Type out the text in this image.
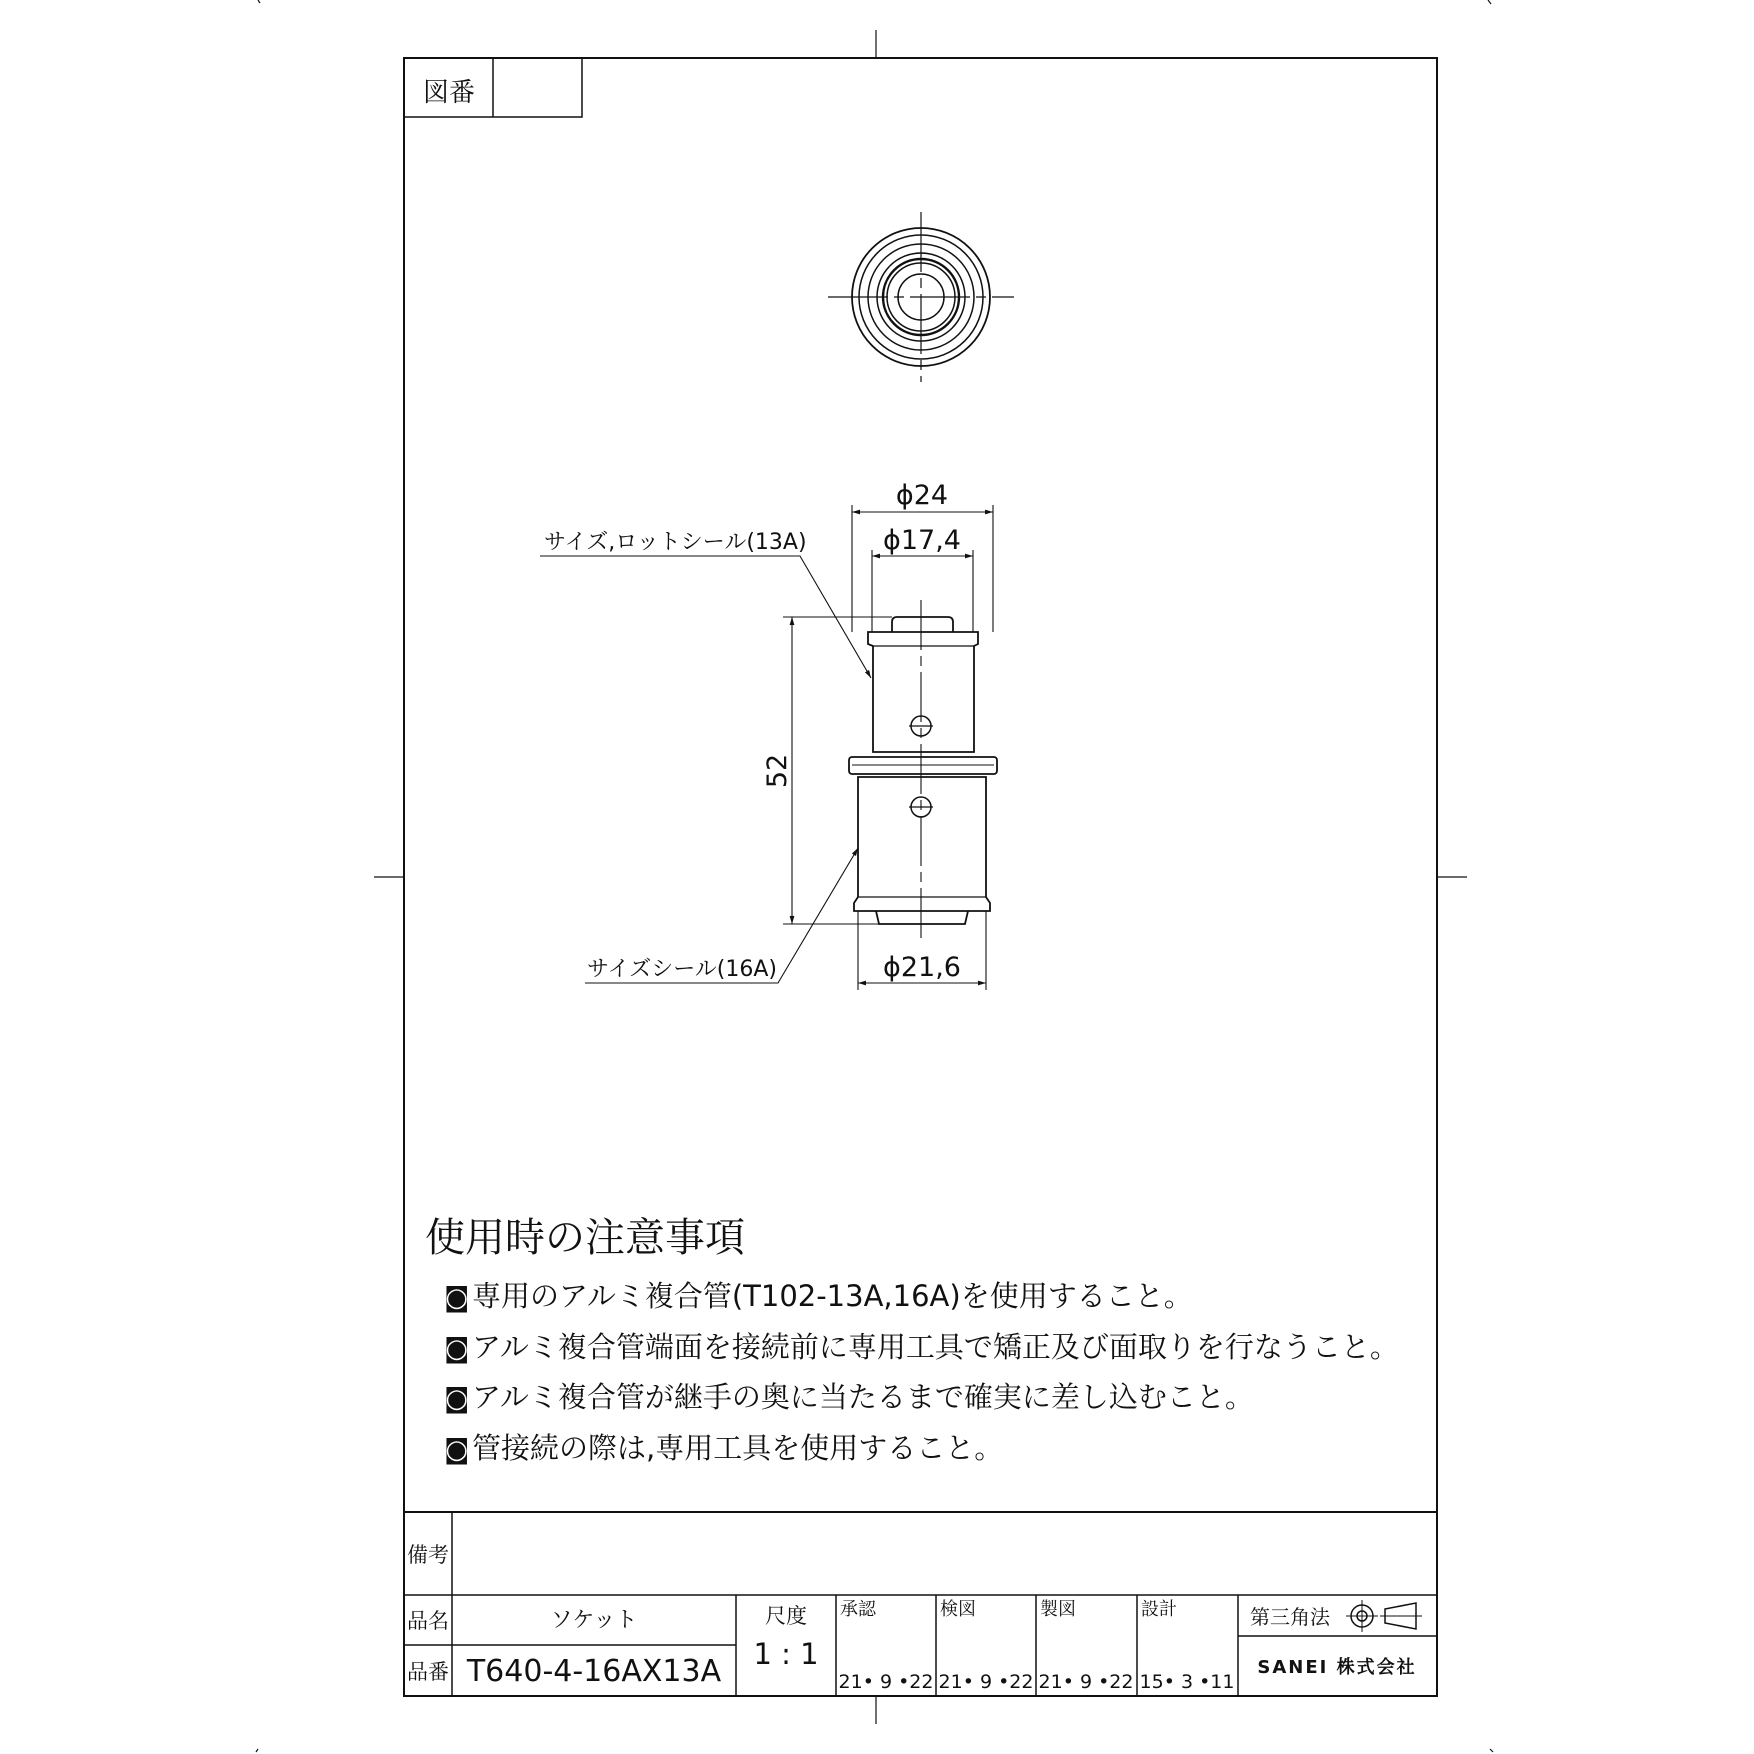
図番
ϕ24
ϕ17,4
ϕ21,6
52
サイズ,ロットシール(13A)
サイズシール(16A)
使用時の注意事項
◙ 専用のアルミ複合管(T102-13A,16A)を使用すること。
◙ アルミ複合管端面を接続前に専用工具で矯正及び面取りを行なうこと。
◙ アルミ複合管が継手の奥に当たるまで確実に差し込むこと。
◙ 管接続の際は,専用工具を使用すること。
備考
品名	ソケット
品番 T640-4-16AX13A
尺度
1 : 1
承認
21• 9 •22
検図
21• 9 •22
製図
21• 9 •22
設計
15• 3 •11
第三角法
SANEI 株式会社
